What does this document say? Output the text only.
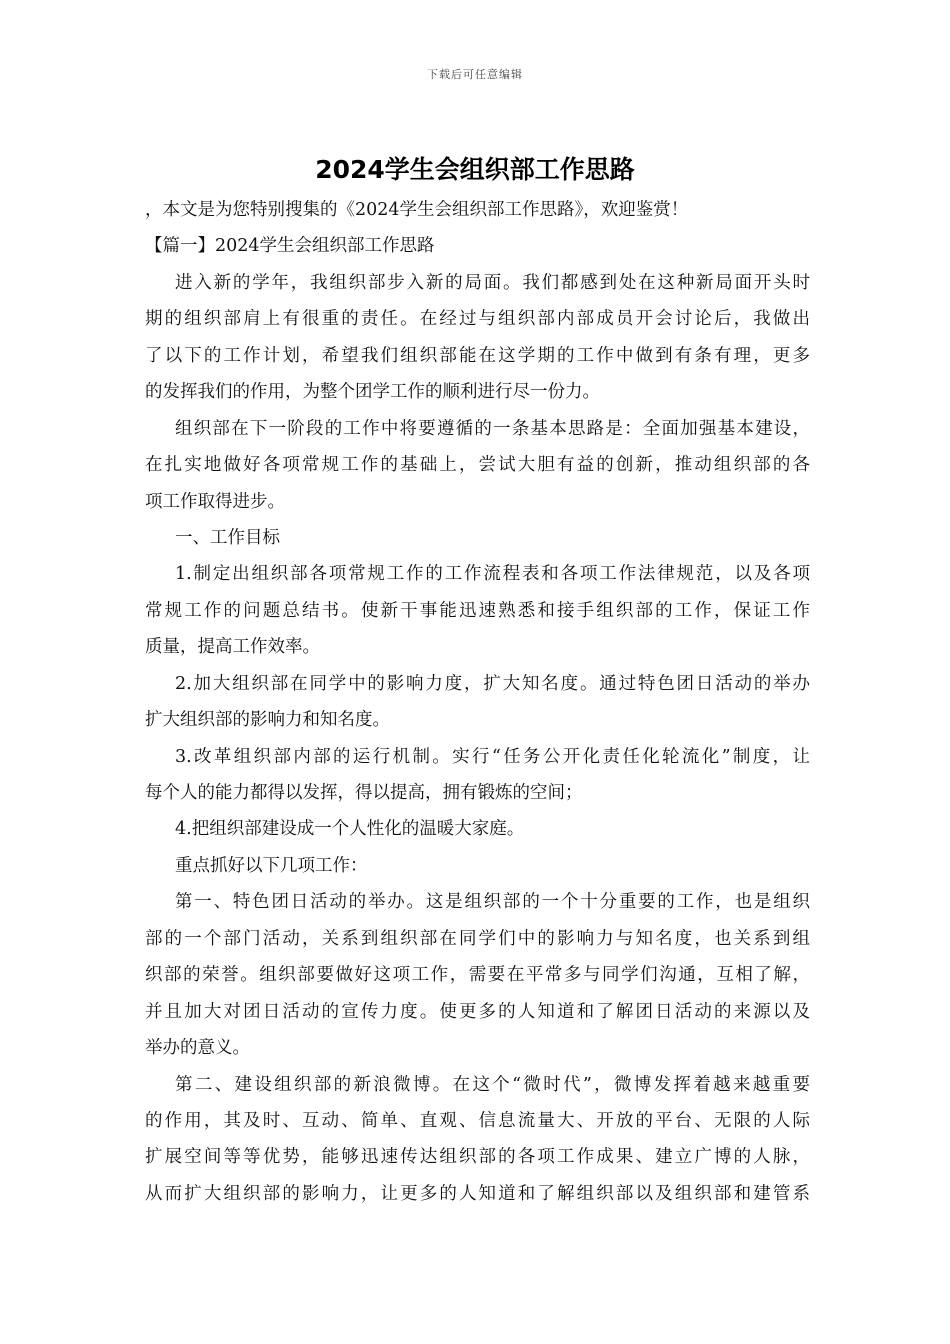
下载后可任意编辑
2024学生会组织部工作思路
，本文是为您特别搜集的《2024学生会组织部工作思路》，欢迎鉴赏！
【篇一】2024学生会组织部工作思路
进入新的学年，我组织部步入新的局面。我们都感到处在这种新局面开头时
期的组织部肩上有很重的责任。在经过与组织部内部成员开会讨论后，我做出
了以下的工作计划，希望我们组织部能在这学期的工作中做到有条有理，更多
的发挥我们的作用，为整个团学工作的顺利进行尽一份力。
组织部在下一阶段的工作中将要遵循的一条基本思路是：全面加强基本建设，
在扎实地做好各项常规工作的基础上，尝试大胆有益的创新，推动组织部的各
项工作取得进步。
一、工作目标
1.制定出组织部各项常规工作的工作流程表和各项工作法律规范，以及各项
常规工作的问题总结书。使新干事能迅速熟悉和接手组织部的工作，保证工作
质量，提高工作效率。
2.加大组织部在同学中的影响力度，扩大知名度。通过特色团日活动的举办
扩大组织部的影响力和知名度。
3.改革组织部内部的运行机制。实行“任务公开化责任化轮流化”制度，让
每个人的能力都得以发挥，得以提高，拥有锻炼的空间；
4.把组织部建设成一个人性化的温暖大家庭。
重点抓好以下几项工作：
第一、特色团日活动的举办。这是组织部的一个十分重要的工作，也是组织
部的一个部门活动，关系到组织部在同学们中的影响力与知名度，也关系到组
织部的荣誉。组织部要做好这项工作，需要在平常多与同学们沟通，互相了解，
并且加大对团日活动的宣传力度。使更多的人知道和了解团日活动的来源以及
举办的意义。
第二、建设组织部的新浪微博。在这个“微时代”，微博发挥着越来越重要
的作用，其及时、互动、简单、直观、信息流量大、开放的平台、无限的人际
扩展空间等等优势，能够迅速传达组织部的各项工作成果、建立广博的人脉，
从而扩大组织部的影响力，让更多的人知道和了解组织部以及组织部和建管系
